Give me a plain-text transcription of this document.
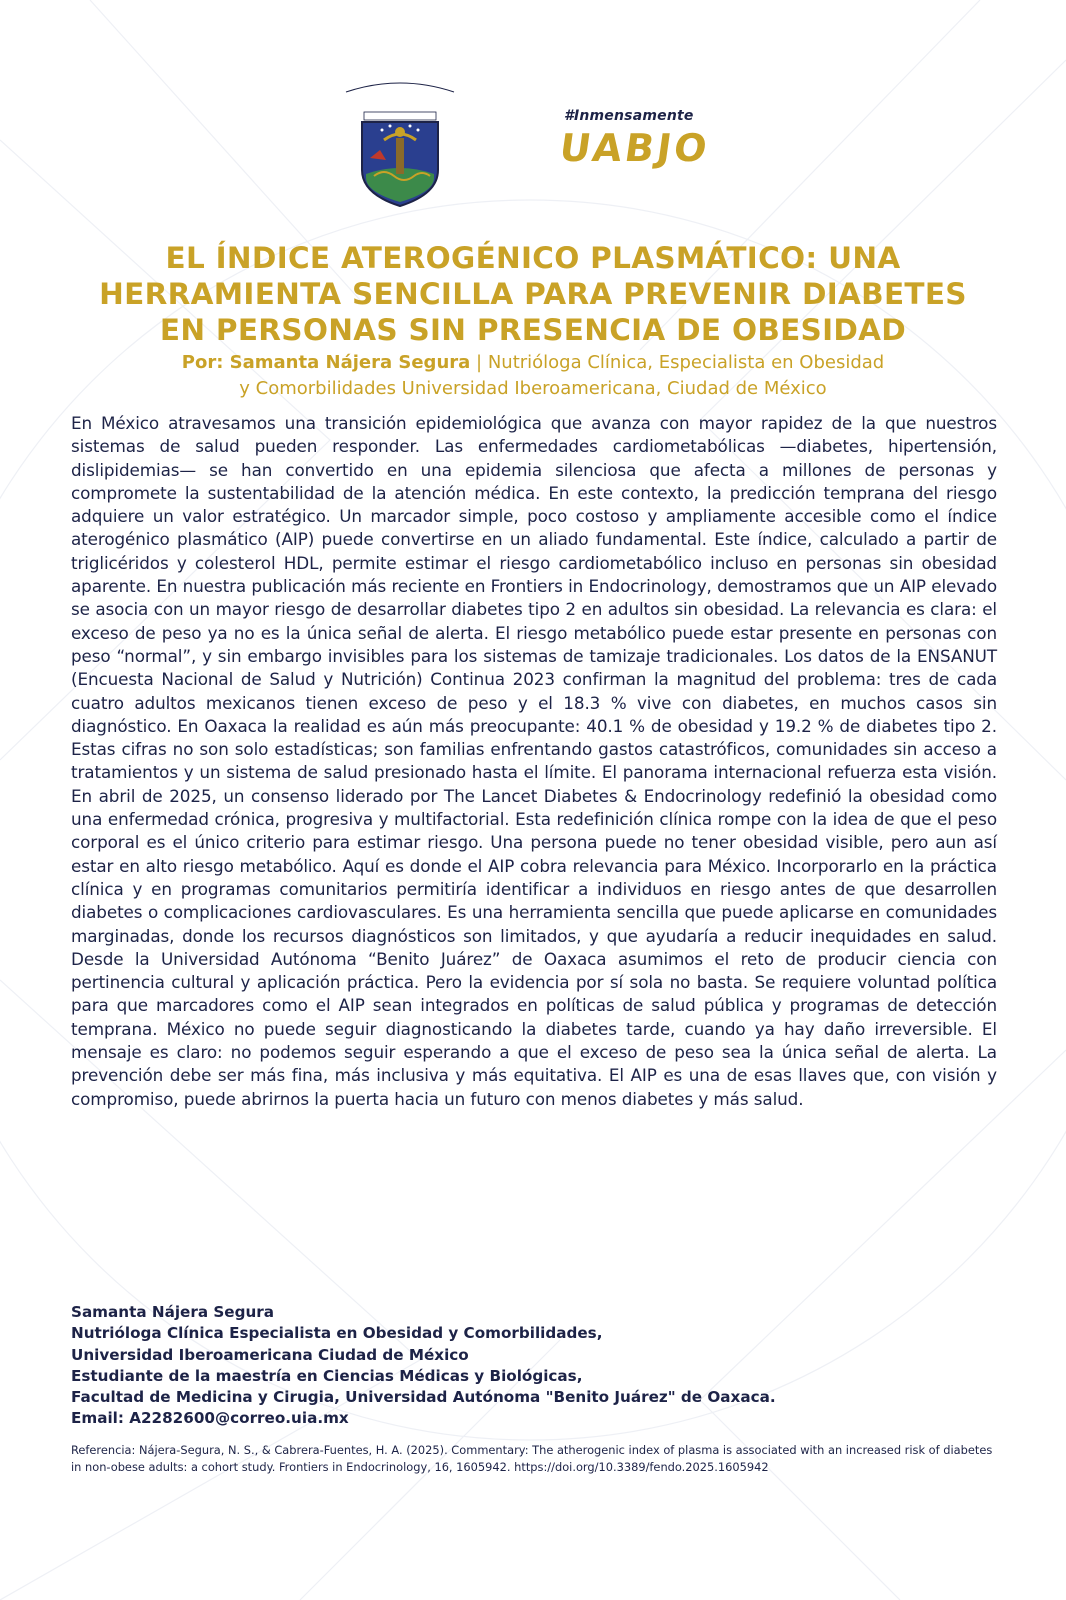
#Inmensamente
UABJO
EL ÍNDICE ATEROGÉNICO PLASMÁTICO: UNA
HERRAMIENTA SENCILLA PARA PREVENIR DIABETES
EN PERSONAS SIN PRESENCIA DE OBESIDAD
Por: Samanta Nájera Segura | Nutrióloga Clínica, Especialista en Obesidad
y Comorbilidades Universidad Iberoamericana, Ciudad de México

En México atravesamos una transición epidemiológica que avanza con mayor rapidez de la que nuestros sistemas de salud pueden responder. Las enfermedades cardiometabólicas —diabetes, hipertensión, dislipidemias— se han convertido en una epidemia silenciosa que afecta a millones de personas y compromete la sustentabilidad de la atención médica. En este contexto, la predicción temprana del riesgo adquiere un valor estratégico. Un marcador simple, poco costoso y ampliamente accesible como el índice aterogénico plasmático (AIP) puede convertirse en un aliado fundamental. Este índice, calculado a partir de triglicéridos y colesterol HDL, permite estimar el riesgo cardiometabólico incluso en personas sin obesidad aparente. En nuestra publicación más reciente en Frontiers in Endocrinology, demostramos que un AIP elevado se asocia con un mayor riesgo de desarrollar diabetes tipo 2 en adultos sin obesidad. La relevancia es clara: el exceso de peso ya no es la única señal de alerta. El riesgo metabólico puede estar presente en personas con peso “normal”, y sin embargo invisibles para los sistemas de tamizaje tradicionales. Los datos de la ENSANUT (Encuesta Nacional de Salud y Nutrición) Continua 2023 confirman la magnitud del problema: tres de cada cuatro adultos mexicanos tienen exceso de peso y el 18.3 % vive con diabetes, en muchos casos sin diagnóstico. En Oaxaca la realidad es aún más preocupante: 40.1 % de obesidad y 19.2 % de diabetes tipo 2. Estas cifras no son solo estadísticas; son familias enfrentando gastos catastróficos, comunidades sin acceso a tratamientos y un sistema de salud presionado hasta el límite. El panorama internacional refuerza esta visión. En abril de 2025, un consenso liderado por The Lancet Diabetes & Endocrinology redefinió la obesidad como una enfermedad crónica, progresiva y multifactorial. Esta redefinición clínica rompe con la idea de que el peso corporal es el único criterio para estimar riesgo. Una persona puede no tener obesidad visible, pero aun así estar en alto riesgo metabólico. Aquí es donde el AIP cobra relevancia para México. Incorporarlo en la práctica clínica y en programas comunitarios permitiría identificar a individuos en riesgo antes de que desarrollen diabetes o complicaciones cardiovasculares. Es una herramienta sencilla que puede aplicarse en comunidades marginadas, donde los recursos diagnósticos son limitados, y que ayudaría a reducir inequidades en salud. Desde la Universidad Autónoma “Benito Juárez” de Oaxaca asumimos el reto de producir ciencia con pertinencia cultural y aplicación práctica. Pero la evidencia por sí sola no basta. Se requiere voluntad política para que marcadores como el AIP sean integrados en políticas de salud pública y programas de detección temprana. México no puede seguir diagnosticando la diabetes tarde, cuando ya hay daño irreversible. El mensaje es claro: no podemos seguir esperando a que el exceso de peso sea la única señal de alerta. La prevención debe ser más fina, más inclusiva y más equitativa. El AIP es una de esas llaves que, con visión y compromiso, puede abrirnos la puerta hacia un futuro con menos diabetes y más salud.

Samanta Nájera Segura
Nutrióloga Clínica Especialista en Obesidad y Comorbilidades,
Universidad Iberoamericana Ciudad de México
Estudiante de la maestría en Ciencias Médicas y Biológicas,
Facultad de Medicina y Cirugia, Universidad Autónoma "Benito Juárez" de Oaxaca.
Email: A2282600@correo.uia.mx

Referencia: Nájera-Segura, N. S., & Cabrera-Fuentes, H. A. (2025). Commentary: The atherogenic index of plasma is associated with an increased risk of diabetes in non-obese adults: a cohort study. Frontiers in Endocrinology, 16, 1605942. https://doi.org/10.3389/fendo.2025.1605942
